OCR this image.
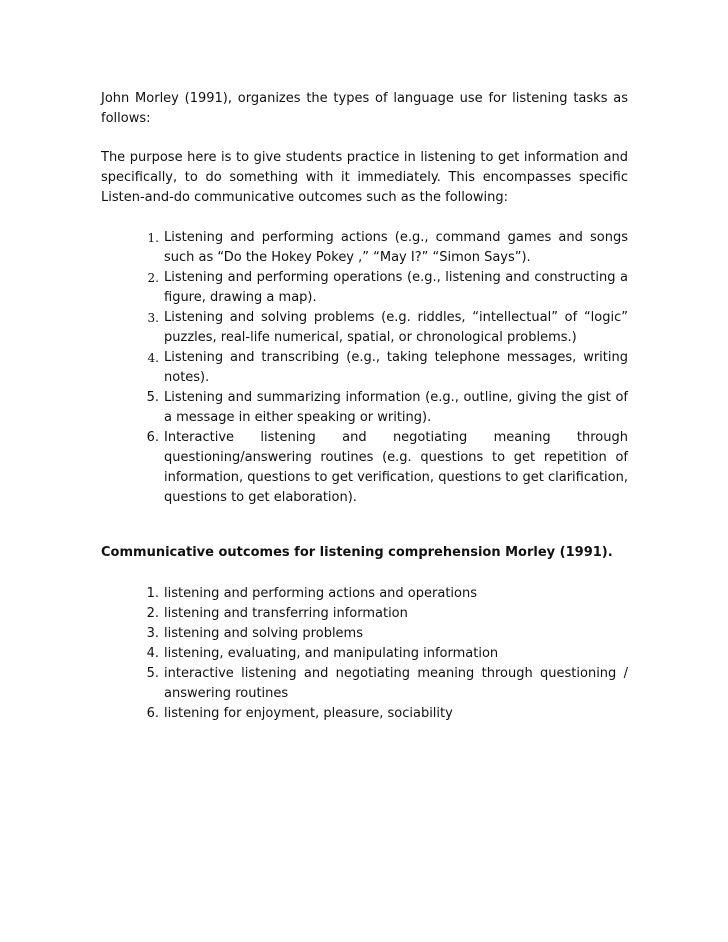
John Morley (1991), organizes the types of language use for listening tasks as follows:
The purpose here is to give students practice in listening to get information and specifically, to do something with it immediately. This encompasses specific Listen-and-do communicative outcomes such as the following:
1. Listening and performing actions (e.g., command games and songs such as “Do the Hokey Pokey ,” “May I?” “Simon Says”).
2. Listening and performing operations (e.g., listening and constructing a figure, drawing a map).
3. Listening and solving problems (e.g. riddles, “intellectual” of “logic” puzzles, real-life numerical, spatial, or chronological problems.)
4. Listening and transcribing (e.g., taking telephone messages, writing notes).
5. Listening and summarizing information (e.g., outline, giving the gist of a message in either speaking or writing).
6. Interactive listening and negotiating meaning through questioning/answering routines (e.g. questions to get repetition of information, questions to get verification, questions to get clarification, questions to get elaboration).
Communicative outcomes for listening comprehension Morley (1991).
1. listening and performing actions and operations
2. listening and transferring information
3. listening and solving problems
4. listening, evaluating, and manipulating information
5. interactive listening and negotiating meaning through questioning / answering routines
6. listening for enjoyment, pleasure, sociability
